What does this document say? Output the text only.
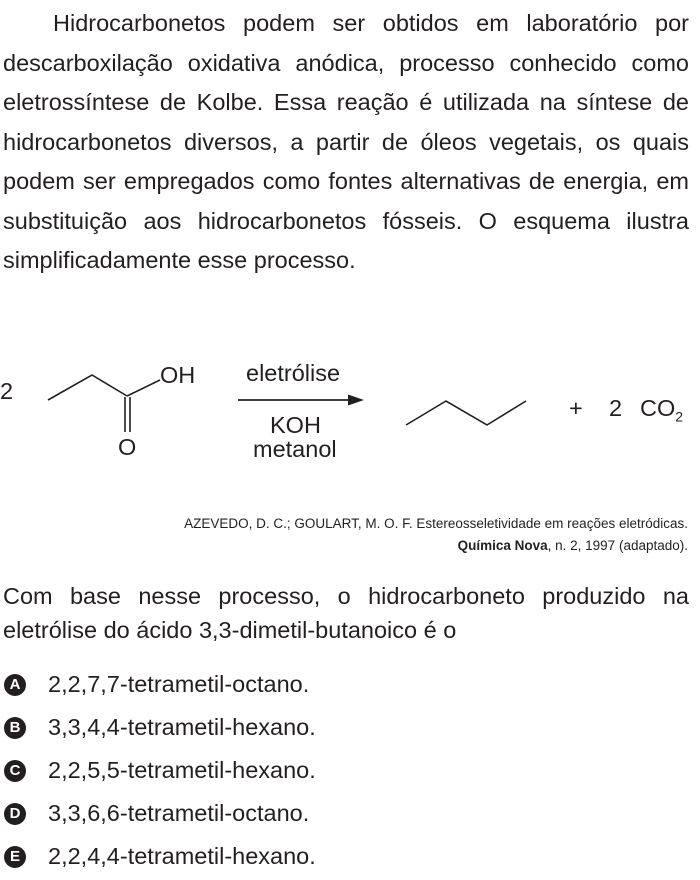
Hidrocarbonetos podem ser obtidos em laboratório por descarboxilação oxidativa anódica, processo conhecido como eletrossíntese de Kolbe. Essa reação é utilizada na síntese de hidrocarbonetos diversos, a partir de óleos vegetais, os quais podem ser empregados como fontes alternativas de energia, em substituição aos hidrocarbonetos fósseis. O esquema ilustra simplificadamente esse processo.

2
OH
O
eletrólise
KOH
metanol
+ 2 $CO_2$
AZEVEDO, D. C.; GOULART, M. O. F. Estereosseletividade em reações eletródicas.
Química Nova, n. 2, 1997 (adaptado).

Com base nesse processo, o hidrocarboneto produzido na eletrólise do ácido 3,3-dimetil-butanoico é o

A 2,2,7,7-tetrametil-octano.
B 3,3,4,4-tetrametil-hexano.
C 2,2,5,5-tetrametil-hexano.
D 3,3,6,6-tetrametil-octano.
E 2,2,4,4-tetrametil-hexano.
